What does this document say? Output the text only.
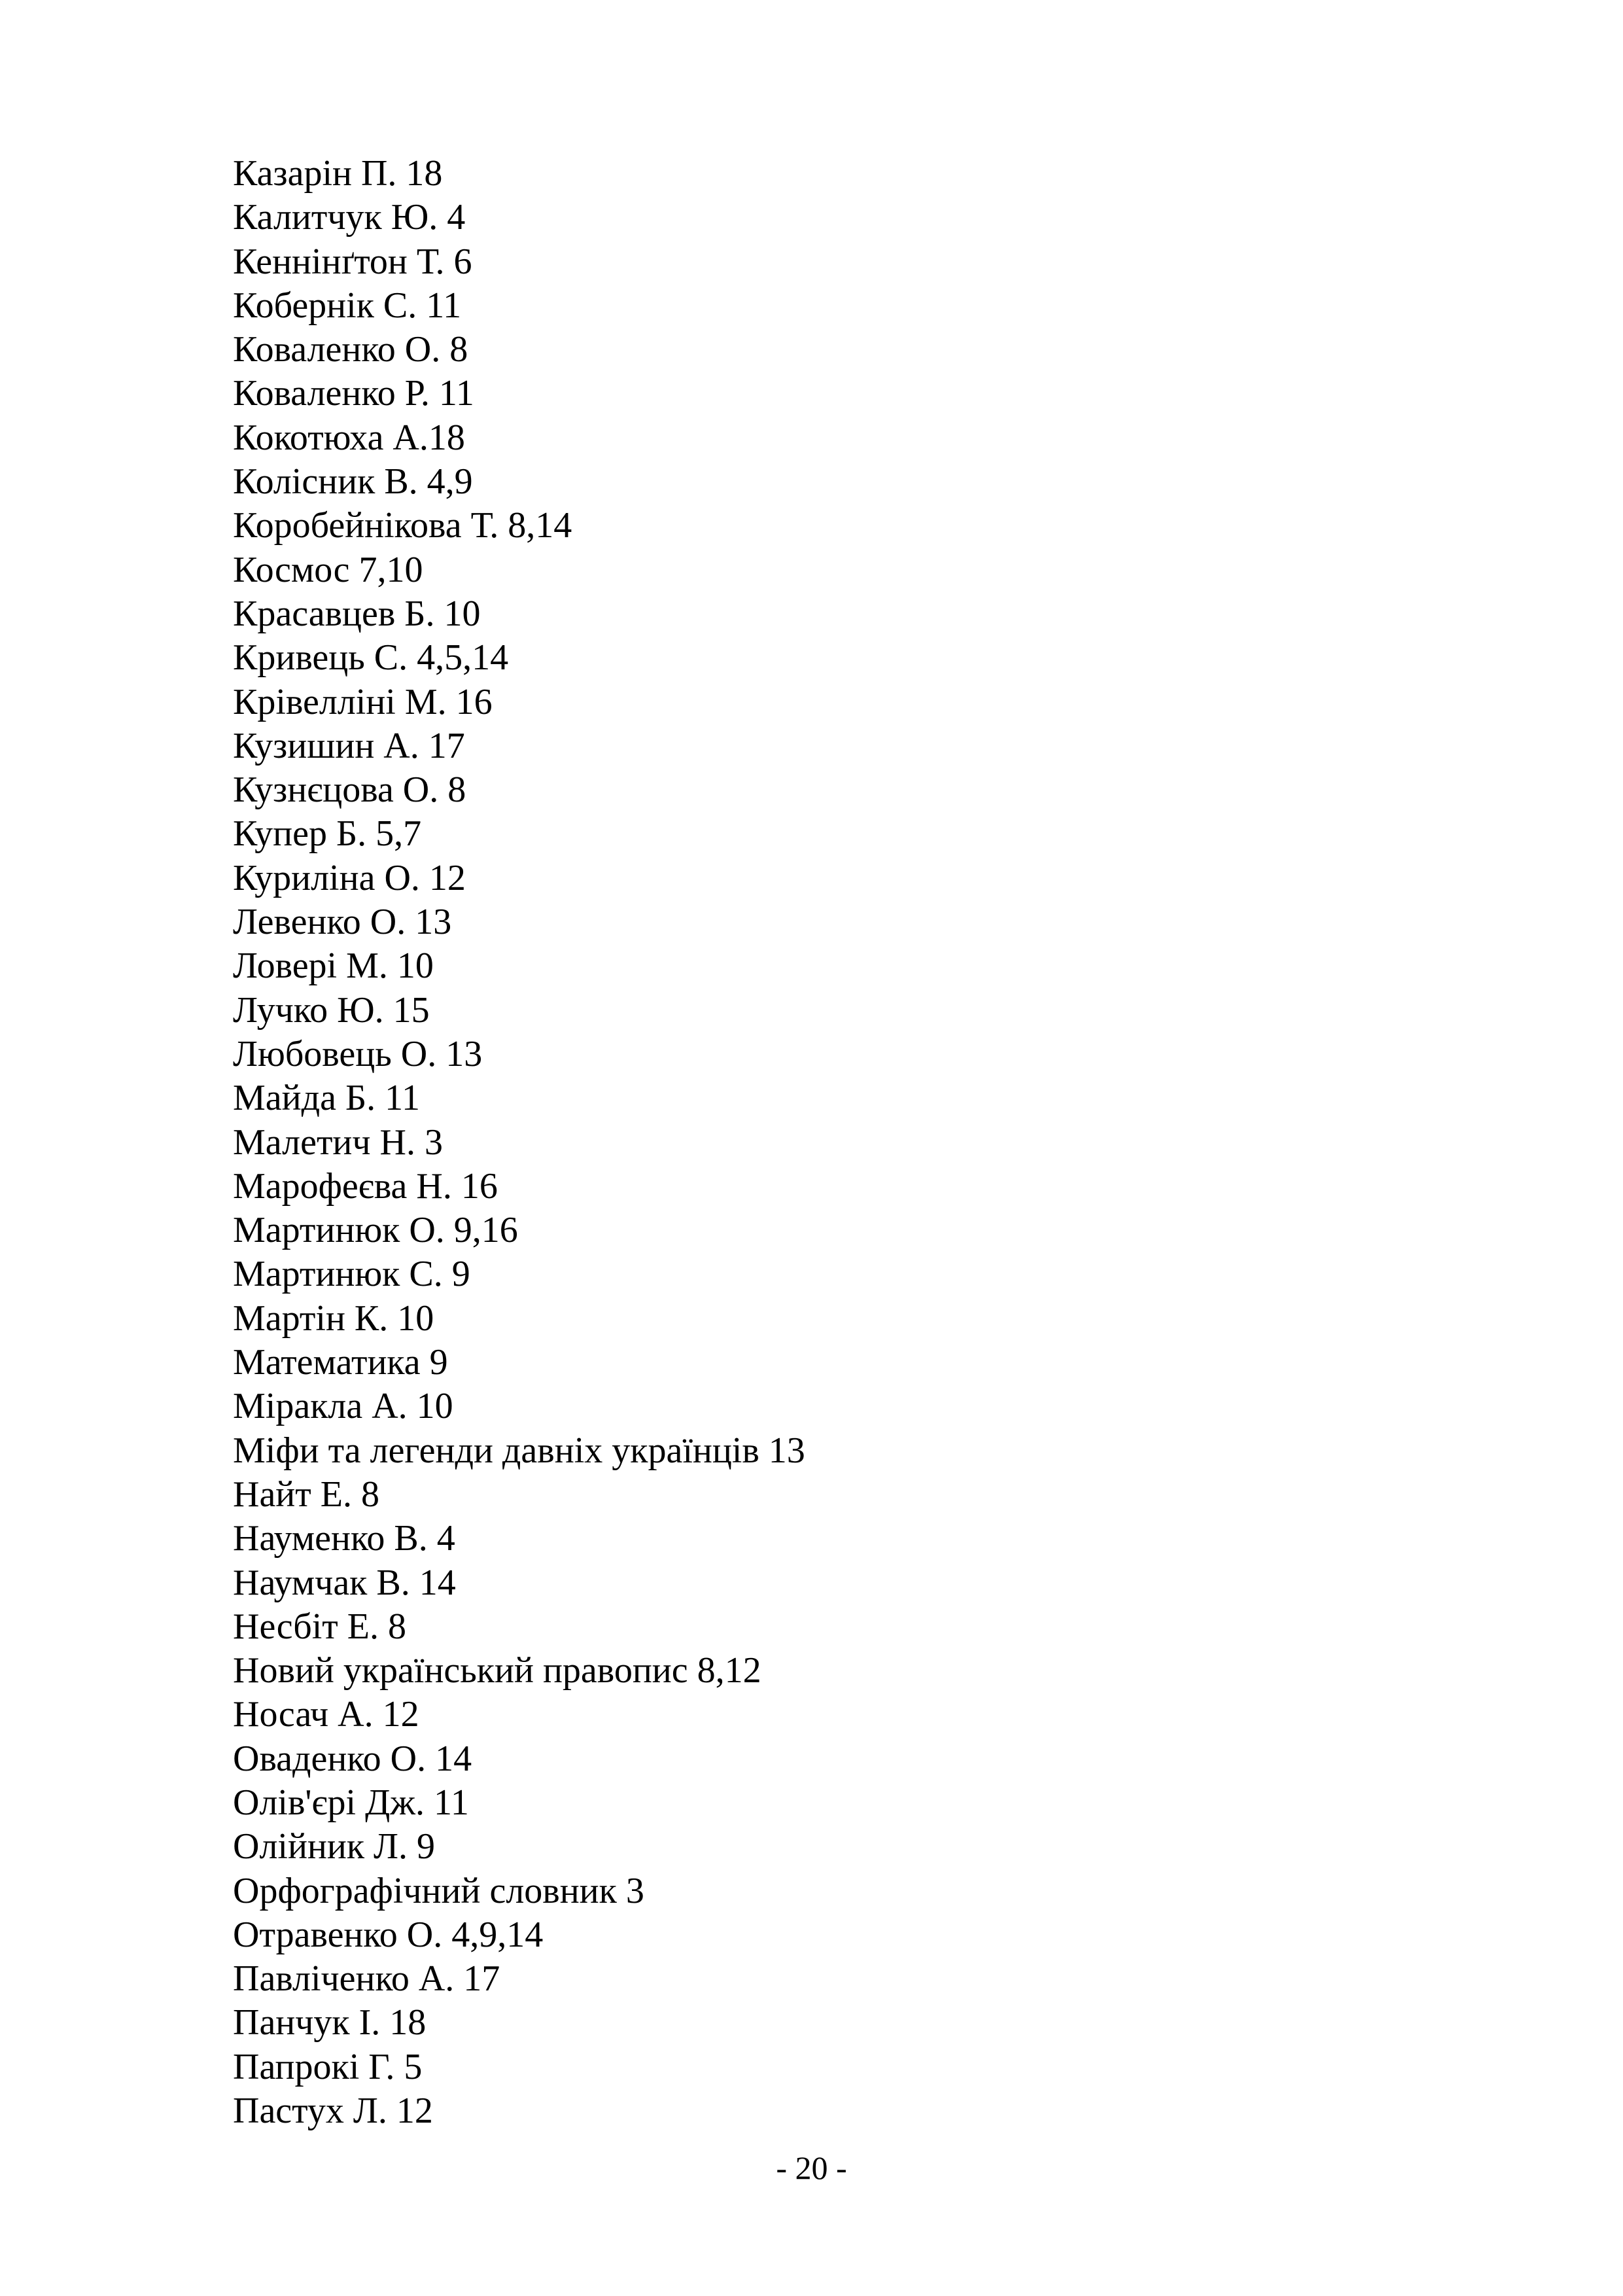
Казарін П. 18
Калитчук Ю. 4
Кеннінґтон Т. 6
Кобернік С. 11
Коваленко О. 8
Коваленко Р. 11
Кокотюха А.18
Колісник В. 4,9
Коробейнікова Т. 8,14
Космос 7,10
Красавцев Б. 10
Кривець С. 4,5,14
Крівелліні М. 16
Кузишин А. 17
Кузнєцова О. 8
Купер Б. 5,7
Куриліна О. 12
Левенко О. 13
Ловері М. 10
Лучко Ю. 15
Любовець О. 13
Майда Б. 11
Малетич Н. 3
Марофеєва Н. 16
Мартинюк О. 9,16
Мартинюк С. 9
Мартін К. 10
Математика 9
Міракла А. 10
Міфи та легенди давніх українців 13
Найт Е. 8
Науменко В. 4
Наумчак В. 14
Несбіт Е. 8
Новий український правопис 8,12
Носач А. 12
Оваденко О. 14
Олів'єрі Дж. 11
Олійник Л. 9
Орфографічний словник 3
Отравенко О. 4,9,14
Павліченко А. 17
Панчук І. 18
Папрокі Г. 5
Пастух Л. 12
- 20 -
